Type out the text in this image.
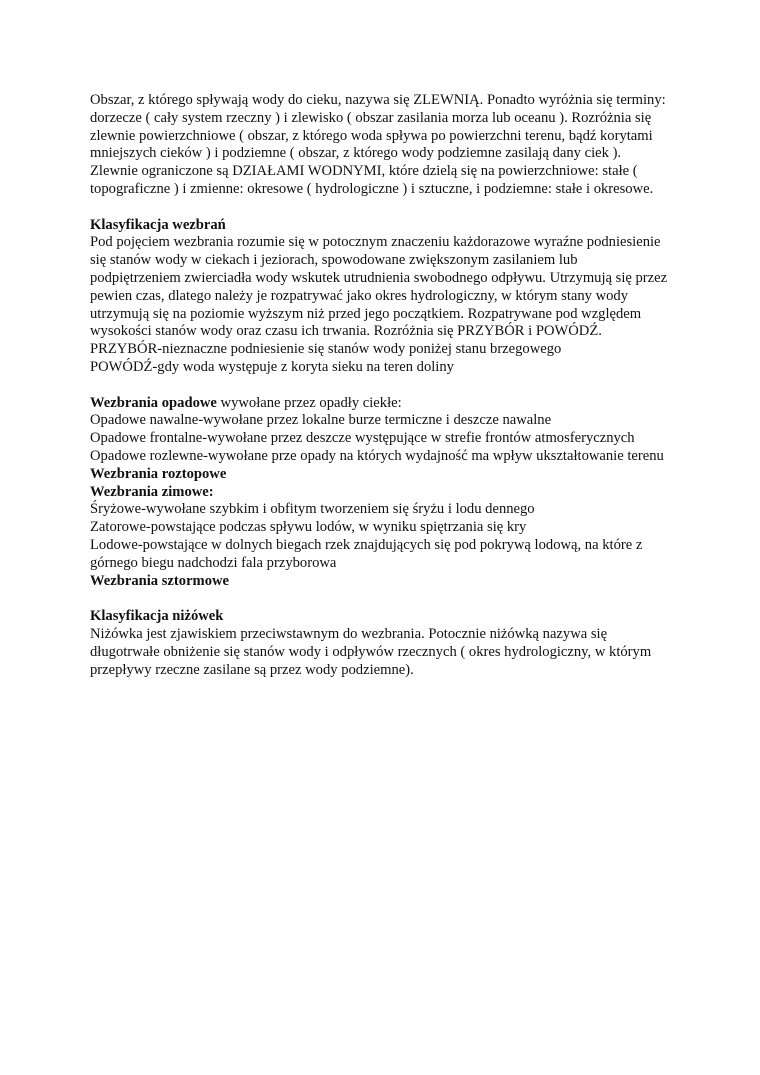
Obszar, z którego spływają wody do cieku, nazywa się ZLEWNIĄ. Ponadto wyróżnia się terminy: dorzecze ( cały system rzeczny ) i zlewisko ( obszar zasilania morza lub oceanu ). Rozróżnia się zlewnie powierzchniowe ( obszar, z którego woda spływa po powierzchni terenu, bądź korytami mniejszych cieków ) i podziemne ( obszar, z którego wody podziemne zasilają dany ciek ).

Zlewnie ograniczone są DZIAŁAMI WODNYMI, które dzielą się na powierzchniowe: stałe ( topograficzne ) i zmienne: okresowe ( hydrologiczne ) i sztuczne, i podziemne: stałe i okresowe.

Klasyfikacja wezbrań

Pod pojęciem wezbrania rozumie się w potocznym znaczeniu każdorazowe wyraźne podniesienie się stanów wody w ciekach i jeziorach, spowodowane zwiększonym zasilaniem lub podpiętrzeniem zwierciadła wody wskutek utrudnienia swobodnego odpływu. Utrzymują się przez pewien czas, dlatego należy je rozpatrywać jako okres hydrologiczny, w którym stany wody utrzymują się na poziomie wyższym niż przed jego początkiem. Rozpatrywane pod względem wysokości stanów wody oraz czasu ich trwania. Rozróżnia się PRZYBÓR i POWÓDŹ.

PRZYBÓR-nieznaczne podniesienie się stanów wody poniżej stanu brzegowego

POWÓDŹ-gdy woda występuje z koryta sieku na teren doliny

Wezbrania opadowe wywołane przez opadły ciekłe:

Opadowe nawalne-wywołane przez lokalne burze termiczne i deszcze nawalne

Opadowe frontalne-wywołane przez deszcze występujące w strefie frontów atmosferycznych

Opadowe rozlewne-wywołane prze opady na których wydajność ma wpływ ukształtowanie terenu

Wezbrania roztopowe

Wezbrania zimowe:

Śryżowe-wywołane szybkim i obfitym tworzeniem się śryżu i lodu dennego

Zatorowe-powstające podczas spływu lodów, w wyniku spiętrzania się kry

Lodowe-powstające w dolnych biegach rzek znajdujących się pod pokrywą lodową, na które z górnego biegu nadchodzi fala przyborowa

Wezbrania sztormowe

Klasyfikacja niżówek

Niżówka jest zjawiskiem przeciwstawnym do wezbrania. Potocznie niżówką nazywa się długotrwałe obniżenie się stanów wody i odpływów rzecznych ( okres hydrologiczny, w którym przepływy rzeczne zasilane są przez wody podziemne).
